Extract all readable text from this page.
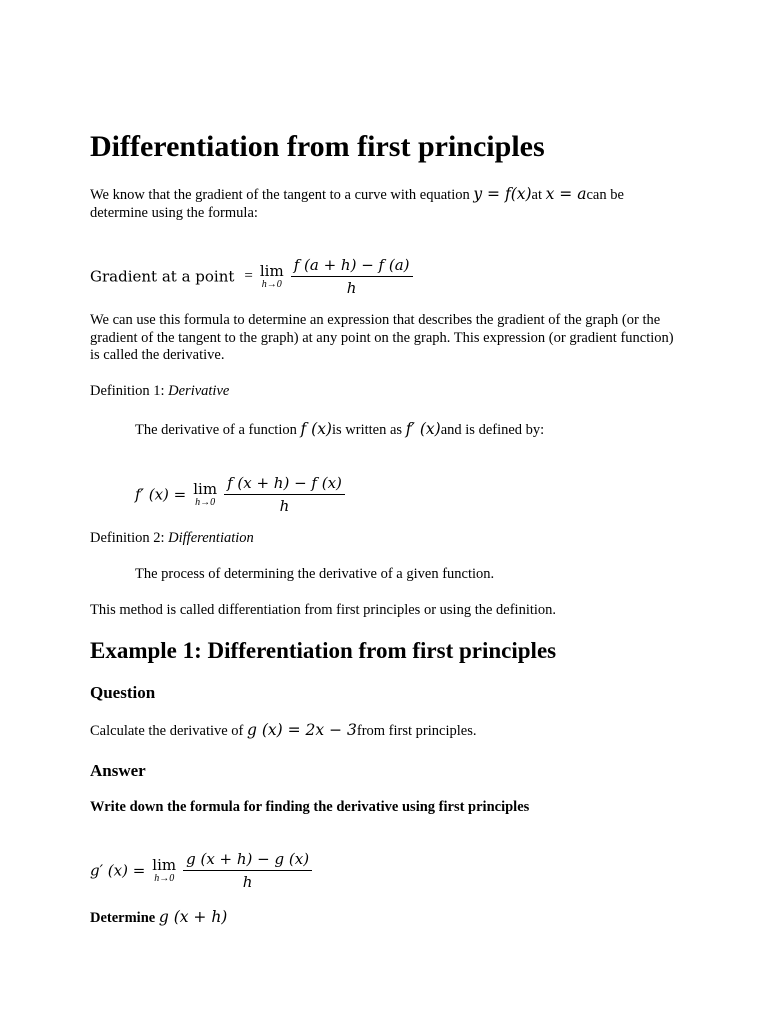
Differentiation from first principles
We know that the gradient of the tangent to a curve with equation y = f(x)at x = acan be
determine using the formula:
Gradient at a point = lim
h→0
$\frac{f (a + h) - f (a)}{h}$

We can use this formula to determine an expression that describes the gradient of the graph (or the gradient of the tangent to the graph) at any point on the graph. This expression (or gradient function) is called the derivative.

Definition 1: Derivative

The derivative of a function f (x)is written as f′ (x)and is defined by:

f′ (x) = lim
h→0
$\frac{f (x + h) - f (x)}{h}$

Definition 2: Differentiation

The process of determining the derivative of a given function.

This method is called differentiation from first principles or using the definition.

Example 1: Differentiation from first principles
Question

Calculate the derivative of g (x) = 2x − 3from first principles.

Answer

Write down the formula for finding the derivative using first principles

g′ (x) = lim
h→0
$\frac{g (x + h) - g (x)}{h}$

Determine g (x + h)
